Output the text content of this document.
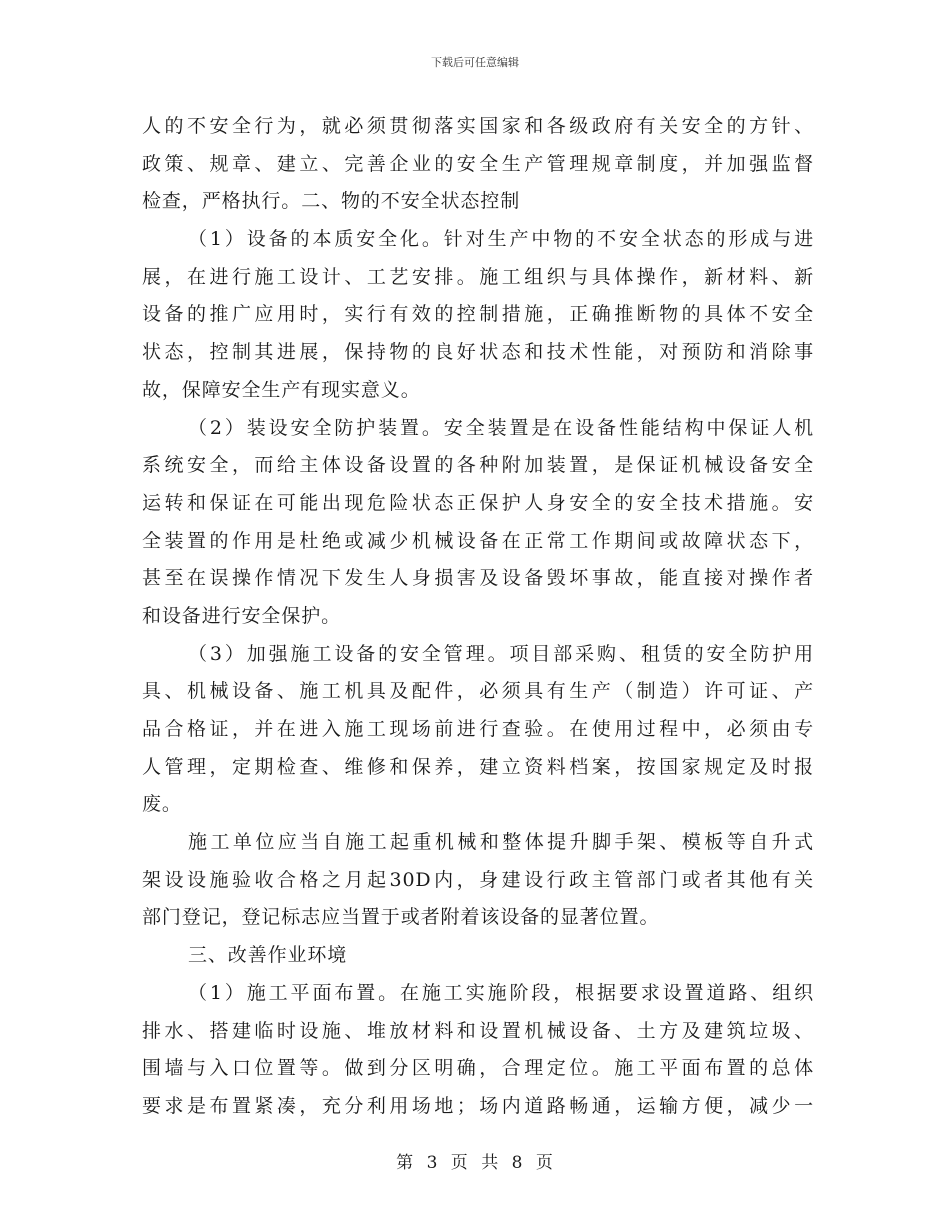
下载后可任意编辑
人的不安全行为，就必须贯彻落实国家和各级政府有关安全的方针、
政策、规章、建立、完善企业的安全生产管理规章制度，并加强监督
检查，严格执行。二、物的不安全状态控制
（1）设备的本质安全化。针对生产中物的不安全状态的形成与进
展，在进行施工设计、工艺安排。施工组织与具体操作，新材料、新
设备的推广应用时，实行有效的控制措施，正确推断物的具体不安全
状态，控制其进展，保持物的良好状态和技术性能，对预防和消除事
故，保障安全生产有现实意义。
（2）装设安全防护装置。安全装置是在设备性能结构中保证人机
系统安全，而给主体设备设置的各种附加装置，是保证机械设备安全
运转和保证在可能出现危险状态正保护人身安全的安全技术措施。安
全装置的作用是杜绝或减少机械设备在正常工作期间或故障状态下，
甚至在误操作情况下发生人身损害及设备毁坏事故，能直接对操作者
和设备进行安全保护。
（3）加强施工设备的安全管理。项目部采购、租赁的安全防护用
具、机械设备、施工机具及配件，必须具有生产（制造）许可证、产
品合格证，并在进入施工现场前进行查验。在使用过程中，必须由专
人管理，定期检查、维修和保养，建立资料档案，按国家规定及时报
废。
施工单位应当自施工起重机械和整体提升脚手架、模板等自升式
架设设施验收合格之月起30D内，身建设行政主管部门或者其他有关
部门登记，登记标志应当置于或者附着该设备的显著位置。
三、改善作业环境
（1）施工平面布置。在施工实施阶段，根据要求设置道路、组织
排水、搭建临时设施、堆放材料和设置机械设备、土方及建筑垃圾、
围墙与入口位置等。做到分区明确，合理定位。施工平面布置的总体
要求是布置紧凑，充分利用场地；场内道路畅通，运输方便，减少一
第 3 页 共 8 页
